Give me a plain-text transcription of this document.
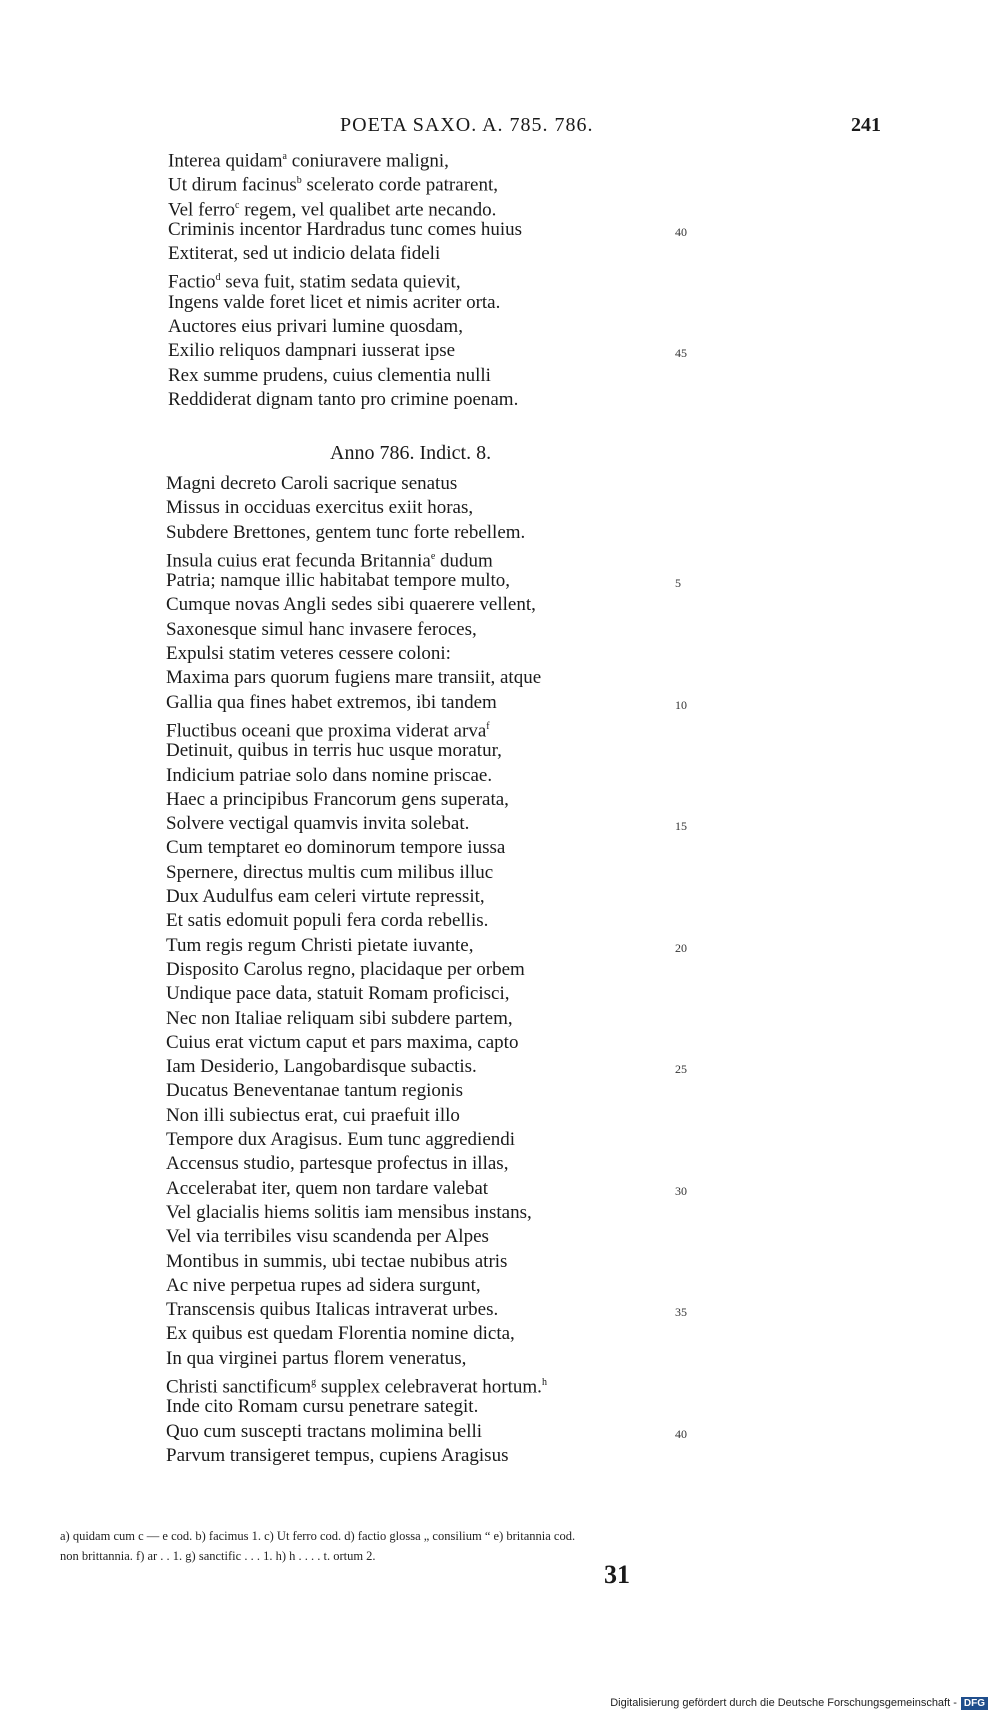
POETA SAXO. A. 785. 786.	241
Interea quidam$^a$ coniuravere maligni,
Ut dirum facinus$^b$ scelerato corde patrarent,
Vel ferro$^c$ regem, vel qualibet arte necando.
Criminis incentor Hardradus tunc comes huius	40
Extiterat, sed ut indicio delata fideli
Factio$^d$ seva fuit, statim sedata quievit,
Ingens valde foret licet et nimis acriter orta.
Auctores eius privari lumine quosdam,
Exilio reliquos dampnari iusserat ipse	45
Rex summe prudens, cuius clementia nulli
Reddiderat dignam tanto pro crimine poenam.
Anno 786. Indict. 8.
Magni decreto Caroli sacrique senatus
Missus in occiduas exercitus exiit horas,
Subdere Brettones, gentem tunc forte rebellem.
Insula cuius erat fecunda Britannia$^e$ dudum
Patria; namque illic habitabat tempore multo,	5
Cumque novas Angli sedes sibi quaerere vellent,
Saxonesque simul hanc invasere feroces,
Expulsi statim veteres cessere coloni:
Maxima pars quorum fugiens mare transiit, atque
Gallia qua fines habet extremos, ibi tandem	10
Fluctibus oceani que proxima viderat arva$^f$
Detinuit, quibus in terris huc usque moratur,
Indicium patriae solo dans nomine priscae.
Haec a principibus Francorum gens superata,
Solvere vectigal quamvis invita solebat.	15
Cum temptaret eo dominorum tempore iussa
Spernere, directus multis cum milibus illuc
Dux Audulfus eam celeri virtute repressit,
Et satis edomuit populi fera corda rebellis.
Tum regis regum Christi pietate iuvante,	20
Disposito Carolus regno, placidaque per orbem
Undique pace data, statuit Romam proficisci,
Nec non Italiae reliquam sibi subdere partem,
Cuius erat victum caput et pars maxima, capto
Iam Desiderio, Langobardisque subactis.	25
Ducatus Beneventanae tantum regionis
Non illi subiectus erat, cui praefuit illo
Tempore dux Aragisus. Eum tunc aggrediendi
Accensus studio, partesque profectus in illas,
Accelerabat iter, quem non tardare valebat	30
Vel glacialis hiems solitis iam mensibus instans,
Vel via terribiles visu scandenda per Alpes
Montibus in summis, ubi tectae nubibus atris
Ac nive perpetua rupes ad sidera surgunt,
Transcensis quibus Italicas intraverat urbes.	35
Ex quibus est quedam Florentia nomine dicta,
In qua virginei partus florem veneratus,
Christi sanctificum$^g$ supplex celebraverat hortum.$^h$
Inde cito Romam cursu penetrare sategit.
Quo cum suscepti tractans molimina belli	40
Parvum transigeret tempus, cupiens Aragisus
a) quidam cum c — e cod. b) facimus 1. c) Ut ferro cod. d) factio glossa „ consilium “ e) britannia cod.
non brittannia. f) ar . . 1. g) sanctific . . . 1. h) h . . . . t. ortum 2.
31
Digitalisierung gefördert durch die Deutsche Forschungsgemeinschaft - DFG
